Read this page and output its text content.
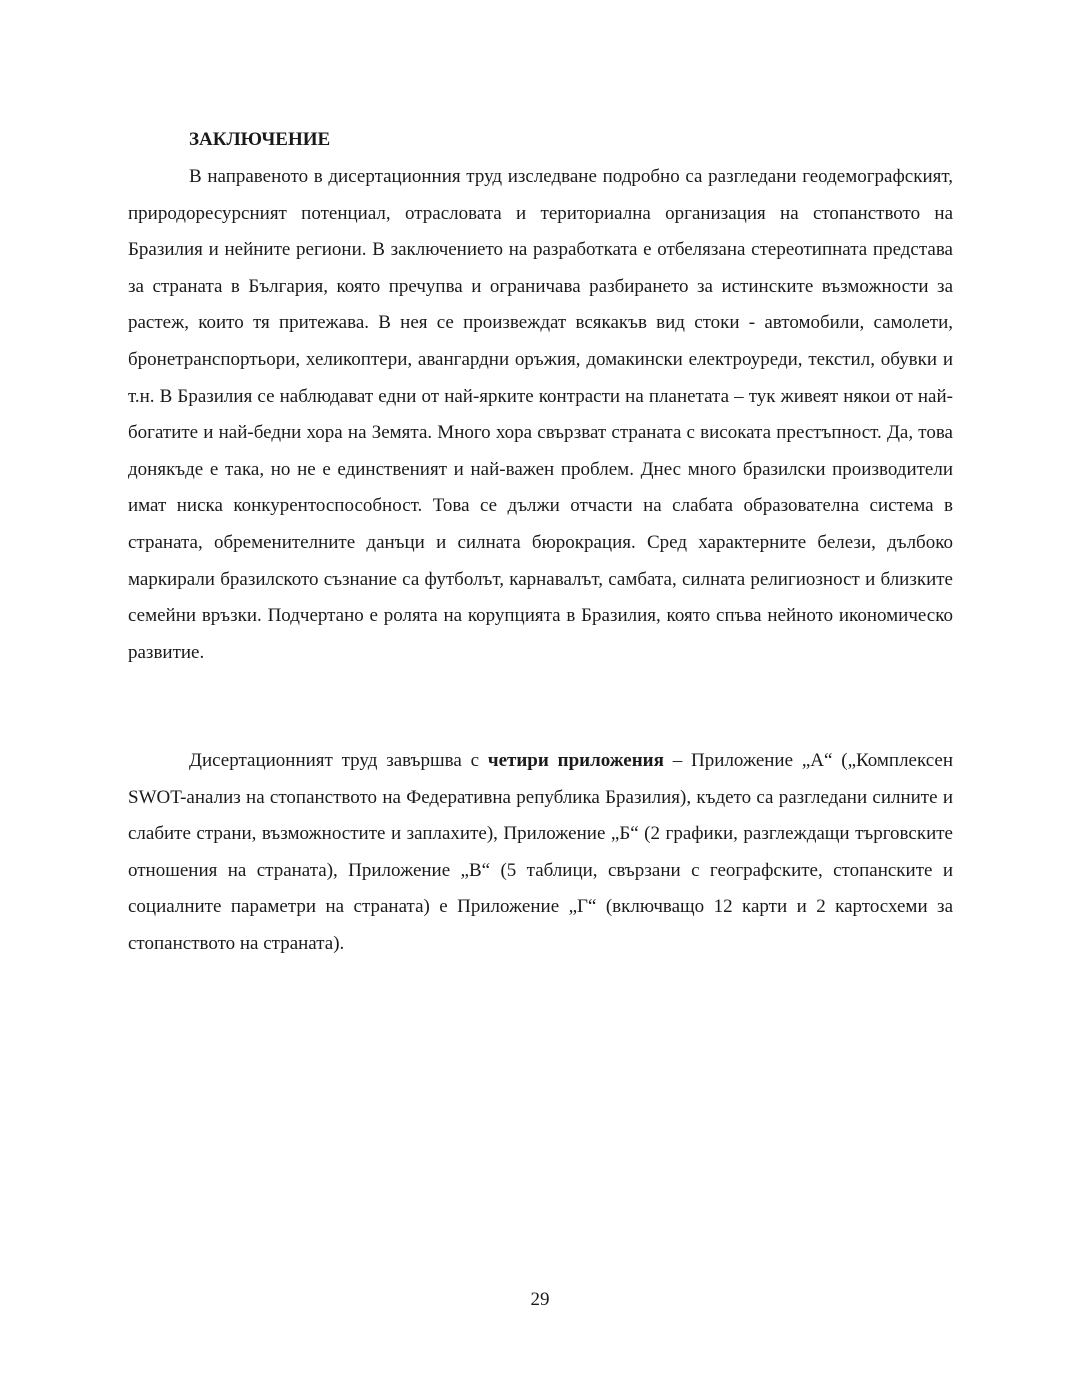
ЗАКЛЮЧЕНИЕ

В направеното в дисертационния труд изследване подробно са разгледани геодемографският, природоресурсният потенциал, отрасловата и териториална организация на стопанството на Бразилия и нейните региони. В заключението на разработката е отбелязана стереотипната представа за страната в България, която пречупва и ограничава разбирането за истинските възможности за растеж, които тя притежава. В нея се произвеждат всякакъв вид стоки - автомобили, самолети, бронетранспортьори, хеликоптери, авангардни оръжия, домакински електроуреди, текстил, обувки и т.н. В Бразилия се наблюдават едни от най-ярките контрасти на планетата – тук живеят някои от най-богатите и най-бедни хора на Земята. Много хора свързват страната с високата престъпност. Да, това донякъде е така, но не е единственият и най-важен проблем. Днес много бразилски производители имат ниска конкурентоспособност. Това се дължи отчасти на слабата образователна система в страната, обременителните данъци и силната бюрокрация. Сред характерните белези, дълбоко маркирали бразилското съзнание са футболът, карнавалът, самбата, силната религиозност и близките семейни връзки. Подчертано е ролята на корупцията в Бразилия, която спъва нейното икономическо развитие.

Дисертационният труд завършва с четири приложения – Приложение „А“ („Комплексен SWOT-анализ на стопанството на Федеративна република Бразилия), където са разгледани силните и слабите страни, възможностите и заплахите), Приложение „Б“ (2 графики, разглеждащи търговските отношения на страната), Приложение „В“ (5 таблици, свързани с географските, стопанските и социалните параметри на страната) е Приложение „Г“ (включващо 12 карти и 2 картосхеми за стопанството на страната).

29
